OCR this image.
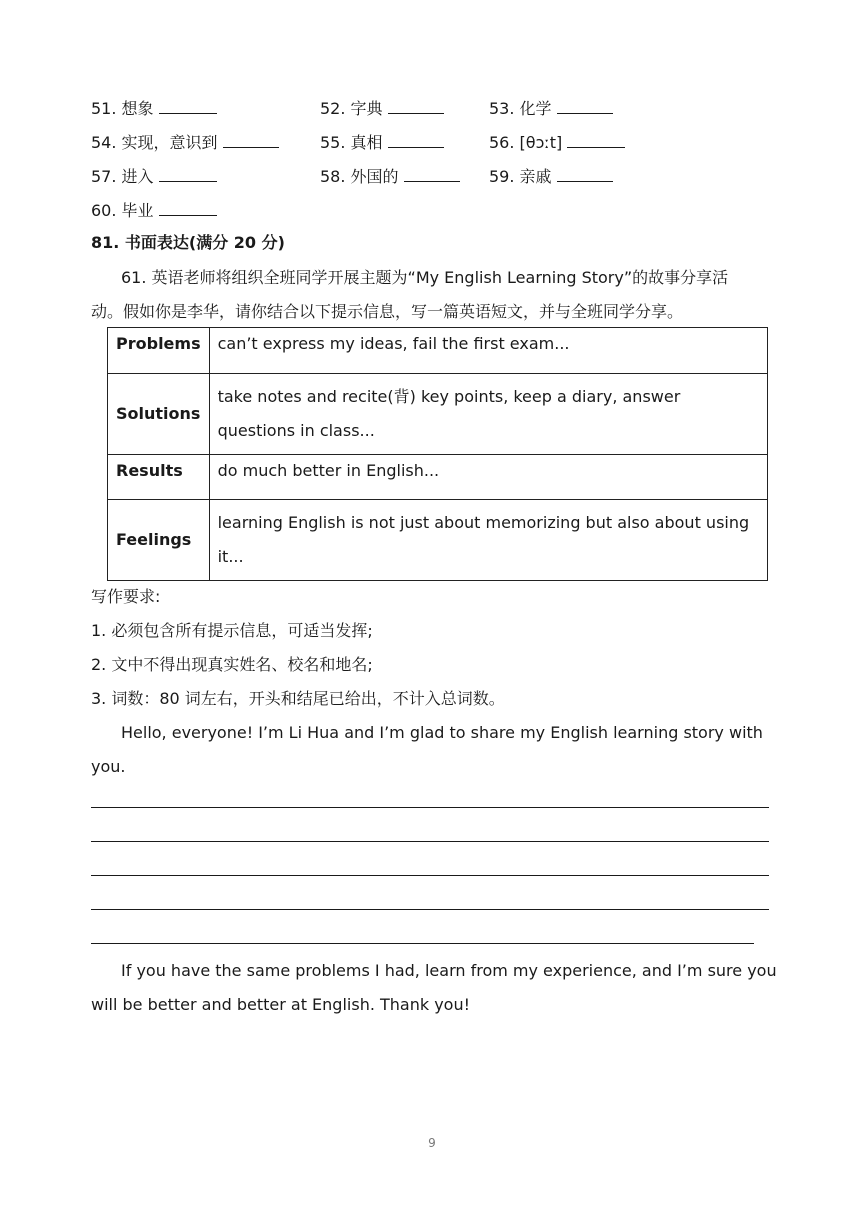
51. 想象	52. 字典	53. 化学
54. 实现，意识到	55. 真相	56. [θɔːt]
57. 进入	58. 外国的	59. 亲戚
60. 毕业
81. 书面表达(满分 20 分)
61. 英语老师将组织全班同学开展主题为“My English Learning Story”的故事分享活
动。假如你是李华，请你结合以下提示信息，写一篇英语短文，并与全班同学分享。
Problems	can’t express my ideas, fail the first exam...
Solutions	take notes and recite(背) key points, keep a diary, answer questions in class...
Results	do much better in English...
Feelings	learning English is not just about memorizing but also about using it...
写作要求:
1. 必须包含所有提示信息，可适当发挥;
2. 文中不得出现真实姓名、校名和地名;
3. 词数：80 词左右，开头和结尾已给出，不计入总词数。
Hello, everyone! I’m Li Hua and I’m glad to share my English learning story with
you.
If you have the same problems I had, learn from my experience, and I’m sure you
will be better and better at English. Thank you!
9
